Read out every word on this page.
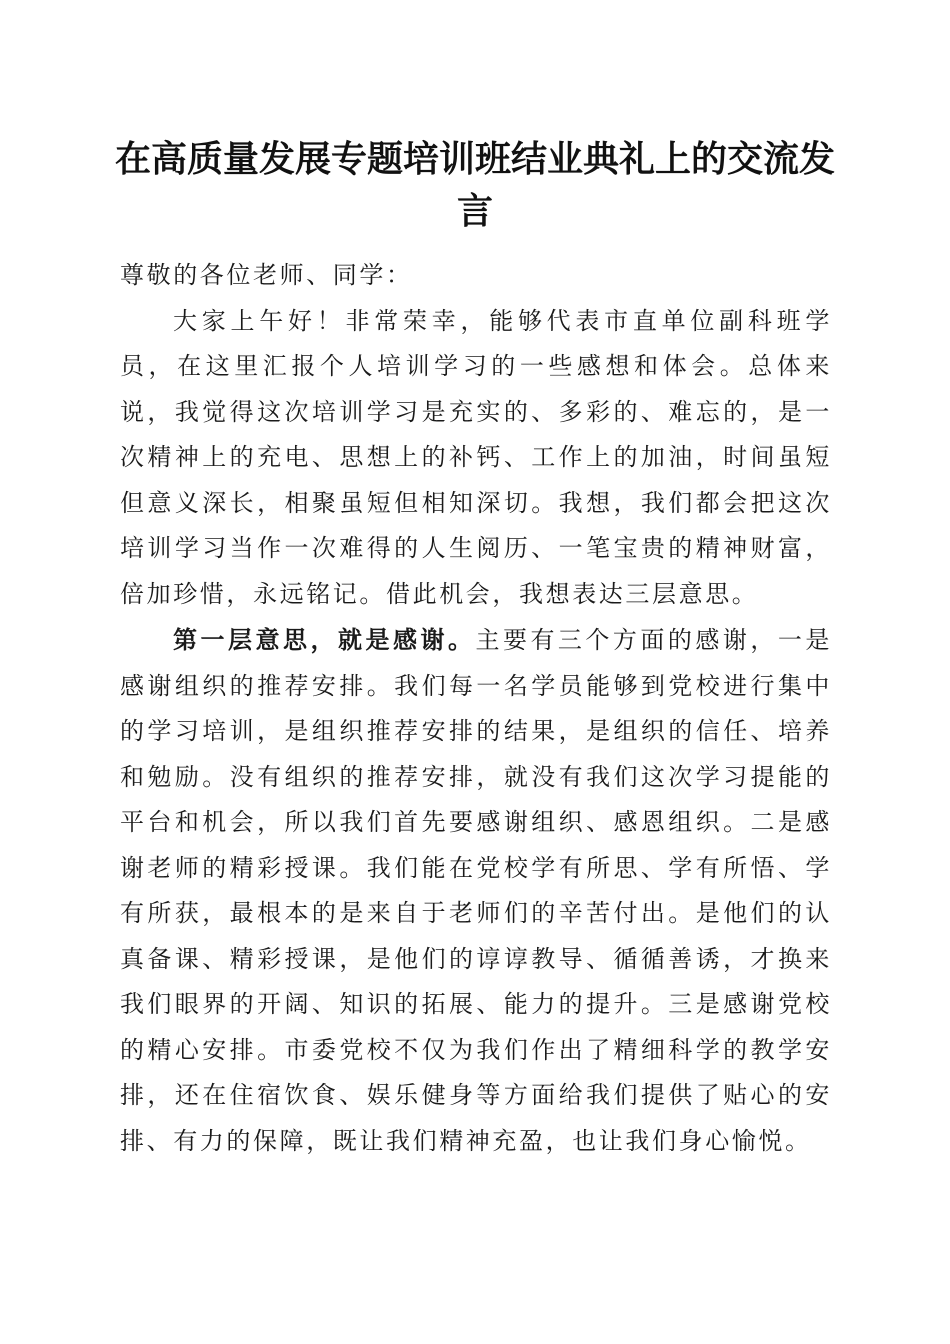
在高质量发展专题培训班结业典礼上的交流发言

尊敬的各位老师、同学：

大家上午好！非常荣幸，能够代表市直单位副科班学员，在这里汇报个人培训学习的一些感想和体会。总体来说，我觉得这次培训学习是充实的、多彩的、难忘的，是一次精神上的充电、思想上的补钙、工作上的加油，时间虽短但意义深长，相聚虽短但相知深切。我想，我们都会把这次培训学习当作一次难得的人生阅历、一笔宝贵的精神财富，倍加珍惜，永远铭记。借此机会，我想表达三层意思。

第一层意思，就是感谢。主要有三个方面的感谢，一是感谢组织的推荐安排。我们每一名学员能够到党校进行集中的学习培训，是组织推荐安排的结果，是组织的信任、培养和勉励。没有组织的推荐安排，就没有我们这次学习提能的平台和机会，所以我们首先要感谢组织、感恩组织。二是感谢老师的精彩授课。我们能在党校学有所思、学有所悟、学有所获，最根本的是来自于老师们的辛苦付出。是他们的认真备课、精彩授课，是他们的谆谆教导、循循善诱，才换来我们眼界的开阔、知识的拓展、能力的提升。三是感谢党校的精心安排。市委党校不仅为我们作出了精细科学的教学安排，还在住宿饮食、娱乐健身等方面给我们提供了贴心的安排、有力的保障，既让我们精神充盈，也让我们身心愉悦。
